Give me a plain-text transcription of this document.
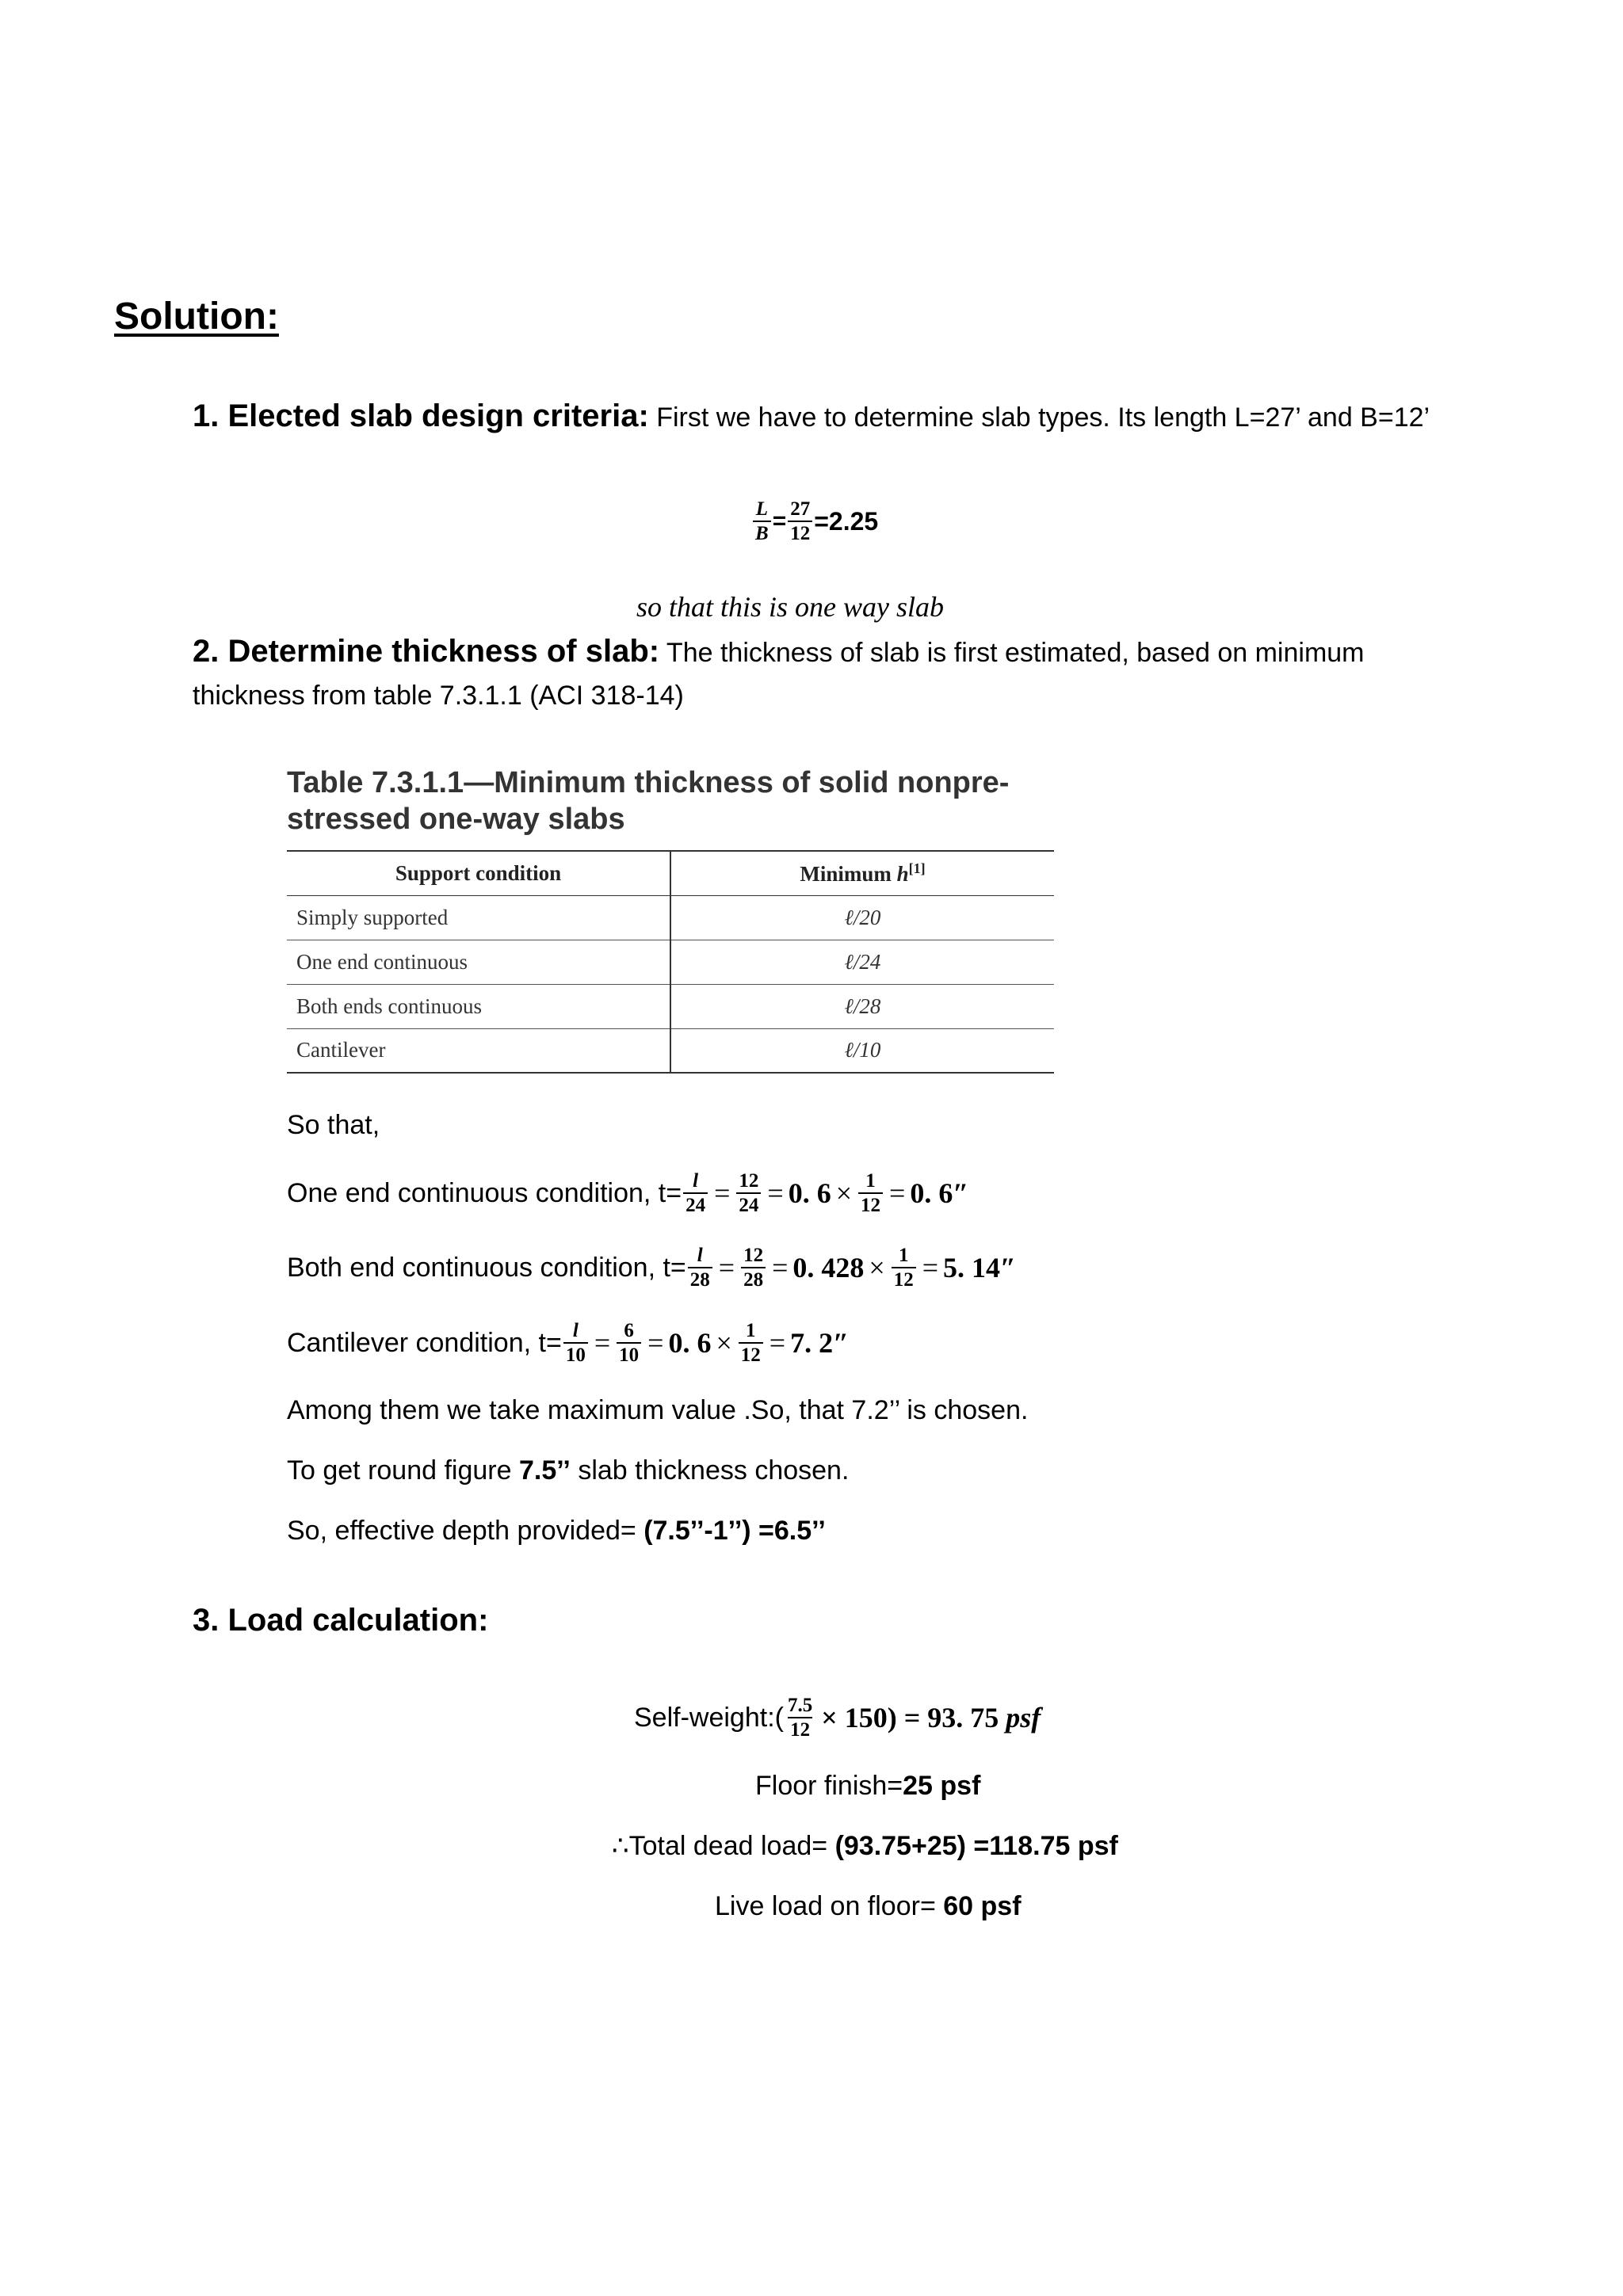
Solution:
1. Elected slab design criteria: First we have to determine slab types. Its length L=27’ and B=12’
$\frac{L}{B} = \frac{27}{12} =2.25$
so that this is one way slab
2. Determine thickness of slab: The thickness of slab is first estimated, based on minimum
thickness from table 7.3.1.1 (ACI 318-14)
Table 7.3.1.1—Minimum thickness of solid nonpre-
stressed one-way slabs
Support condition	Minimum h[1]
Simply supported	ℓ/20
One end continuous	ℓ/24
Both ends continuous	ℓ/28
Cantilever	ℓ/10
So that,
One end continuous condition, $t= \frac{l}{24} = \frac{12}{24} = 0$. $6 \times \frac{1}{12} = 0$. 6″
Both end continuous condition, $t= \frac{l}{28} = \frac{12}{28} = 0$. $428 \times \frac{1}{12} = 5$. 14″
Cantilever condition, $t= \frac{l}{10} = \frac{6}{10} = 0$. $6 \times \frac{1}{12} = 7$. 2″
Among them we take maximum value .So, that 7.2’’ is chosen.
To get round figure 7.5’’ slab thickness chosen.
So, effective depth provided= (7.5’’-1’’) =6.5’’
3. Load calculation:
Self-weight:( $\frac{7.5}{12} \times 150) = 93$. 75 psf
Floor finish=25 psf
∴Total dead load= (93.75+25) =118.75 psf
Live load on floor= 60 psf
